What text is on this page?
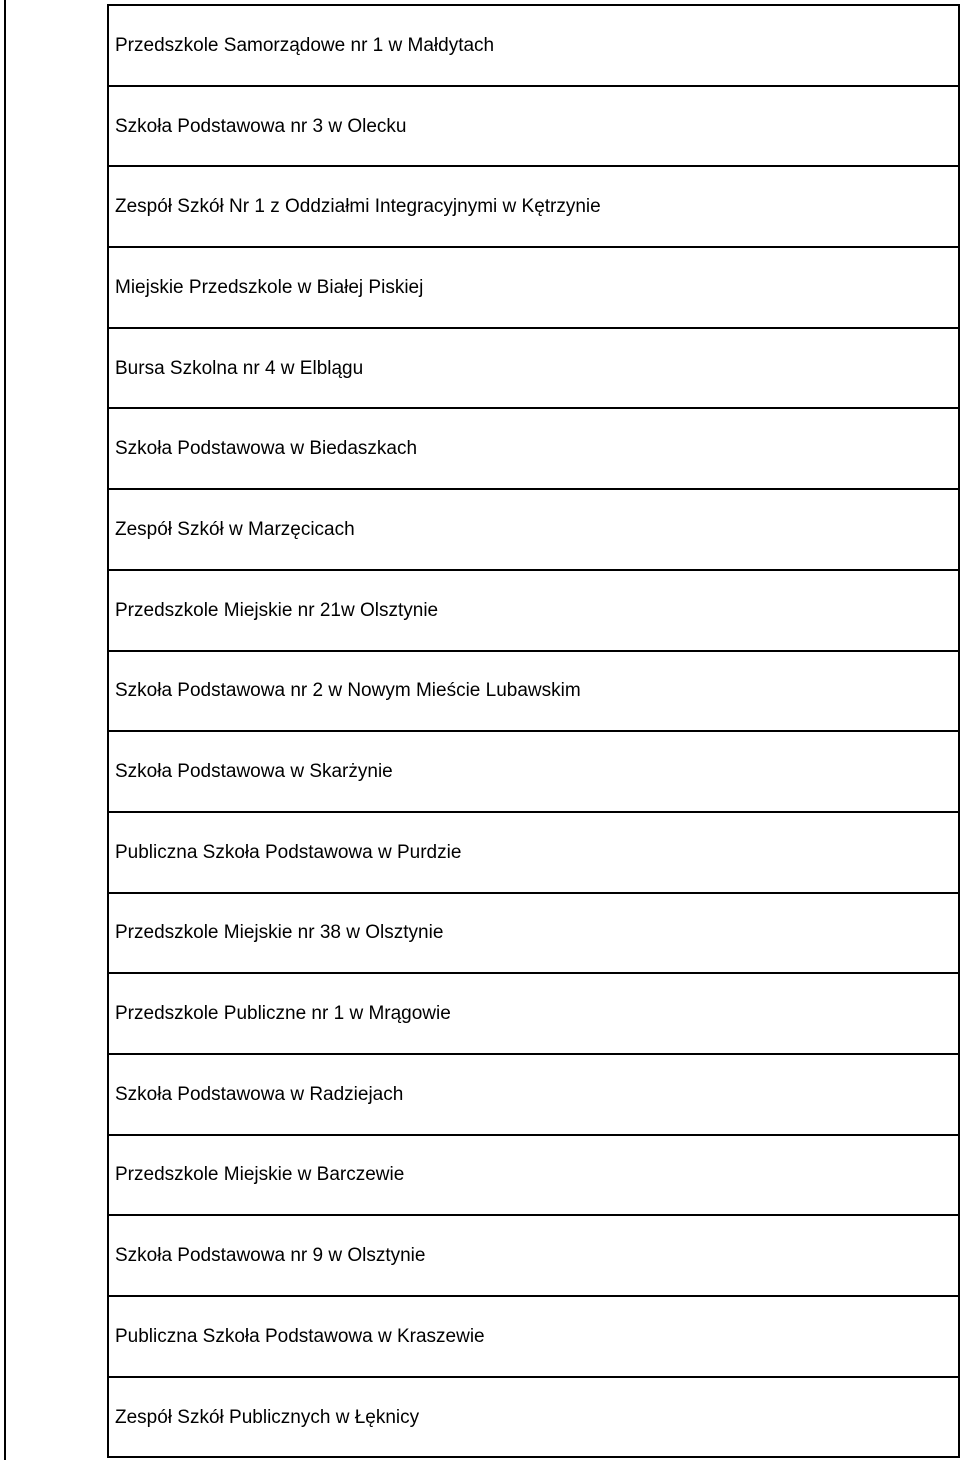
Przedszkole Samorządowe nr 1 w Małdytach
Szkoła Podstawowa nr 3 w Olecku
Zespół Szkół Nr 1 z Oddziałmi Integracyjnymi w Kętrzynie
Miejskie Przedszkole w Białej Piskiej
Bursa Szkolna nr 4 w Elblągu
Szkoła Podstawowa w Biedaszkach
Zespół Szkół w Marzęcicach
Przedszkole Miejskie nr 21w Olsztynie
Szkoła Podstawowa nr 2 w Nowym Mieście Lubawskim
Szkoła Podstawowa w Skarżynie
Publiczna Szkoła Podstawowa w Purdzie
Przedszkole Miejskie nr 38 w Olsztynie
Przedszkole Publiczne nr 1 w Mrągowie
Szkoła Podstawowa w Radziejach
Przedszkole Miejskie w Barczewie
Szkoła Podstawowa nr 9 w Olsztynie
Publiczna Szkoła Podstawowa w Kraszewie
Zespół Szkół Publicznych w Łęknicy
